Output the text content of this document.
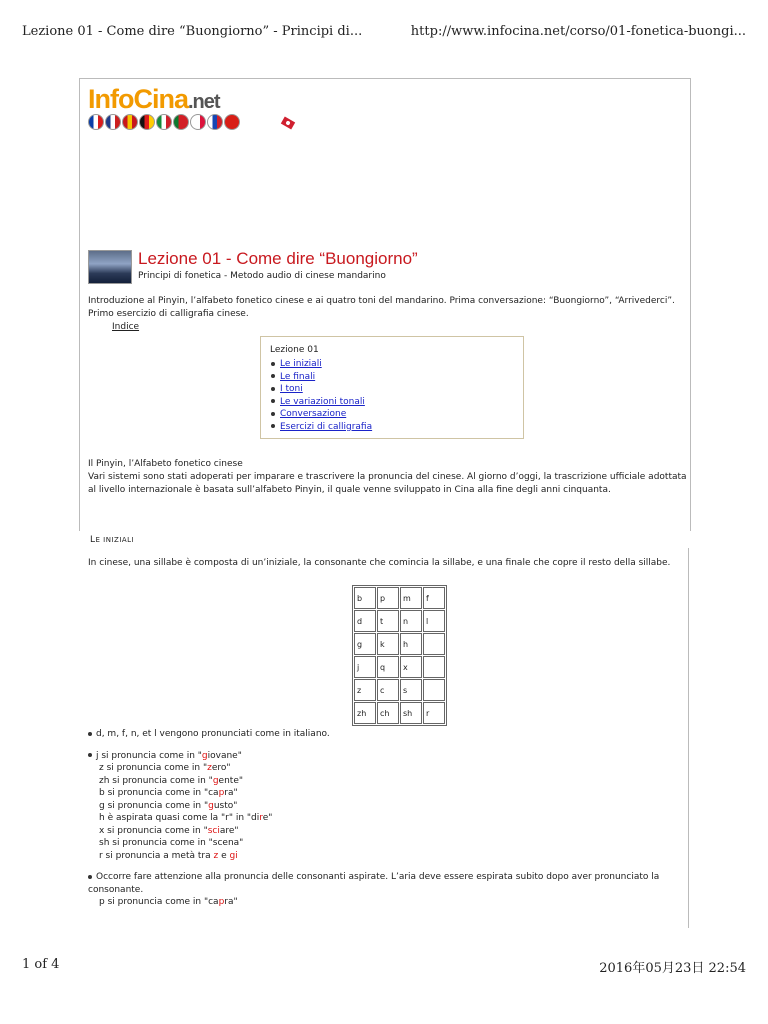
Lezione 01 - Come dire “Buongiorno” - Principi di...	http://www.infocina.net/corso/01-fonetica-buongi...
InfoCina.net
Lezione 01 - Come dire “Buongiorno”
Principi di fonetica - Metodo audio di cinese mandarino
Introduzione al Pinyin, l’alfabeto fonetico cinese e ai quatro toni del mandarino. Prima conversazione: “Buongiorno”, “Arrivederci”. Primo esercizio di calligrafia cinese.
Indice
Lezione 01
Le iniziali
Le finali
I toni
Le variazioni tonali
Conversazione
Esercizi di calligrafia
Il Pinyin, l’Alfabeto fonetico cinese
Vari sistemi sono stati adoperati per imparare e trascrivere la pronuncia del cinese. Al giorno d’oggi, la trascrizione ufficiale adottata al livello internazionale è basata sull’alfabeto Pinyin, il quale venne sviluppato in Cina alla fine degli anni cinquanta.
LE INIZIALI
In cinese, una sillabe è composta di un’iniziale, la consonante che comincia la sillabe, e una finale che copre il resto della sillabe.
b	p	m	f
d	t	n	l
g	k	h	
j	q	x	
z	c	s	
zh	ch	sh	r
d, m, f, n, et l vengono pronunciati come in italiano.
j si pronuncia come in "giovane"
z si pronuncia come in "zero"
zh si pronuncia come in "gente"
b si pronuncia come in "capra"
g si pronuncia come in "gusto"
h è aspirata quasi come la "r" in "dire"
x si pronuncia come in "sciare"
sh si pronuncia come in "scena"
r si pronuncia a metà tra z e gi
Occorre fare attenzione alla pronuncia delle consonanti aspirate. L’aria deve essere espirata subito dopo aver pronunciato la consonante.
p si pronuncia come in "capra"
1 of 4	2016年05月23日 22:54
